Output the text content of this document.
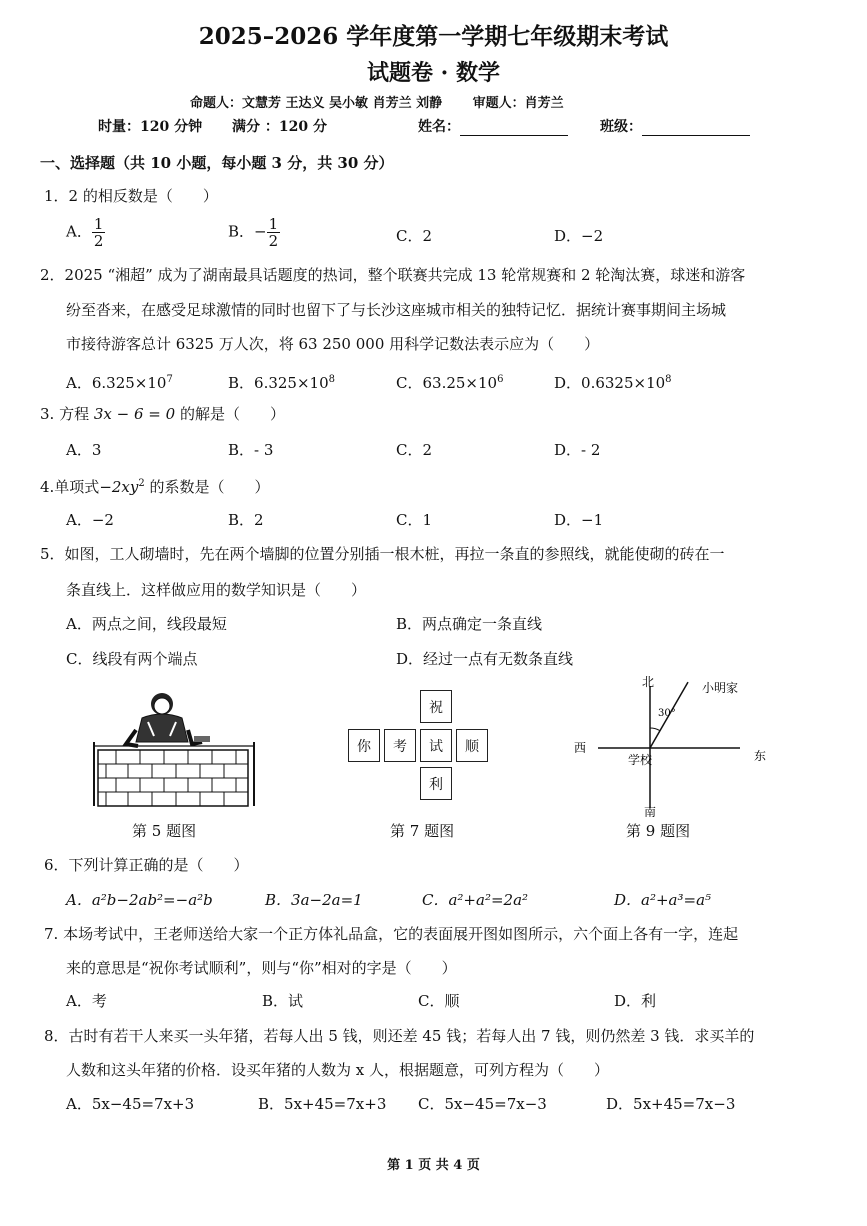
2025–2026 学年度第一学期七年级期末考试
试题卷 · 数学
命题人：文慧芳 王达义 吴小敏 肖芳兰 刘静 审题人：肖芳兰
时量：120 分钟 满分 ：120 分	姓名：	班级：
一、选择题（共 10 小题，每小题 3 分，共 30 分）
1．2 的相反数是（　　）
A． $\frac{1}{2}$	B．− $\frac{1}{2}$	C．2	D．−2
2．2025 “湘超” 成为了湖南最具话题度的热词，整个联赛共完成 13 轮常规赛和 2 轮淘汰赛，球迷和游客
纷至沓来，在感受足球激情的同时也留下了与长沙这座城市相关的独特记忆．据统计赛事期间主场城
市接待游客总计 6325 万人次，将 63 250 000 用科学记数法表示应为（　　）
A．$6.325\times 10^7$	B．$6.325\times 10^8$	C．$63.25\times 10^6$	D．$0.6325\times 10^8$
3. 方程 3x − 6 = 0 的解是（　　）
A．3	B．- 3	C．2	D．- 2
4.单项式$-2xy^2$ 的系数是（　　）
A．−2	B．2	C．1	D．−1
5．如图，工人砌墙时，先在两个墙脚的位置分别插一根木桩，再拉一条直的参照线，就能使砌的砖在一
条直线上．这样做应用的数学知识是（　　）
A．两点之间，线段最短	B．两点确定一条直线
C．线段有两个端点	D．经过一点有无数条直线
第 5 题图
祝
你	考	试	顺
利
第 7 题图
北
南
西
东
学校
小明家
30°
第 9 题图
6．下列计算正确的是（　　）
A．a²b−2ab²=−a²b	B．3a−2a=1	C．a²+a²=2a²	D．a²+a³=a⁵
7. 本场考试中，王老师送给大家一个正方体礼品盒，它的表面展开图如图所示，六个面上各有一字，连起
来的意思是“祝你考试顺利”，则与“你”相对的字是（　　）
A．考	B．试	C．顺	D．利
8．古时有若干人来买一头年猪，若每人出 5 钱，则还差 45 钱；若每人出 7 钱，则仍然差 3 钱．求买羊的
人数和这头年猪的价格．设买年猪的人数为 x 人，根据题意，可列方程为（　　）
A．5x−45=7x+3	B．5x+45=7x+3 C．5x−45=7x−3	D．5x+45=7x−3
第 1 页 共 4 页
